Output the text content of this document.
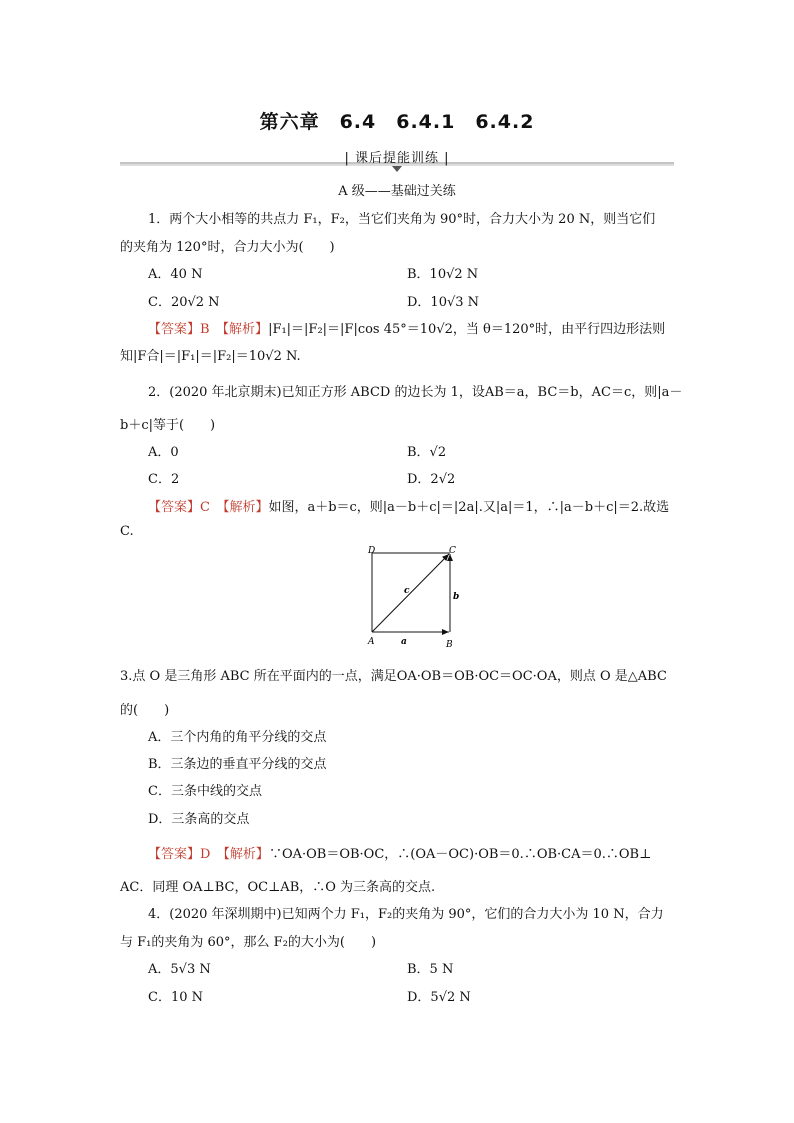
第六章　6.4　6.4.1　6.4.2
| 课后提能训练 |
A 级——基础过关练
1．两个大小相等的共点力 F₁，F₂，当它们夹角为 90°时，合力大小为 20 N，则当它们
的夹角为 120°时，合力大小为(　　)
A．40 N	B．10√2 N
C．20√2 N	D．10√3 N
【答案】B　【解析】|F₁|＝|F₂|＝|F|cos 45°＝10√2，当 θ＝120°时，由平行四边形法则
知|F合|＝|F₁|＝|F₂|＝10√2 N.
2．(2020 年北京期末)已知正方形 ABCD 的边长为 1，设AB＝a，BC＝b，AC＝c，则|a－
b＋c|等于(　　)
A．0	B．√2
C．2	D．2√2
【答案】C　【解析】如图，a＋b＝c，则|a－b＋c|＝|2a|.又|a|＝1，∴|a－b＋c|＝2.故选
C.
D	C
A	B
a
b
c
3.点 O 是三角形 ABC 所在平面内的一点，满足OA·OB＝OB·OC＝OC·OA，则点 O 是△ABC
的(　　)
A．三个内角的角平分线的交点
B．三条边的垂直平分线的交点
C．三条中线的交点
D．三条高的交点
【答案】D　【解析】∵OA·OB＝OB·OC，∴(OA－OC)·OB＝0.∴OB·CA＝0.∴OB⊥
AC．同理 OA⊥BC，OC⊥AB，∴O 为三条高的交点.
4．(2020 年深圳期中)已知两个力 F₁，F₂的夹角为 90°，它们的合力大小为 10 N，合力
与 F₁的夹角为 60°，那么 F₂的大小为(　　)
A．5√3 N	B．5 N
C．10 N	D．5√2 N
